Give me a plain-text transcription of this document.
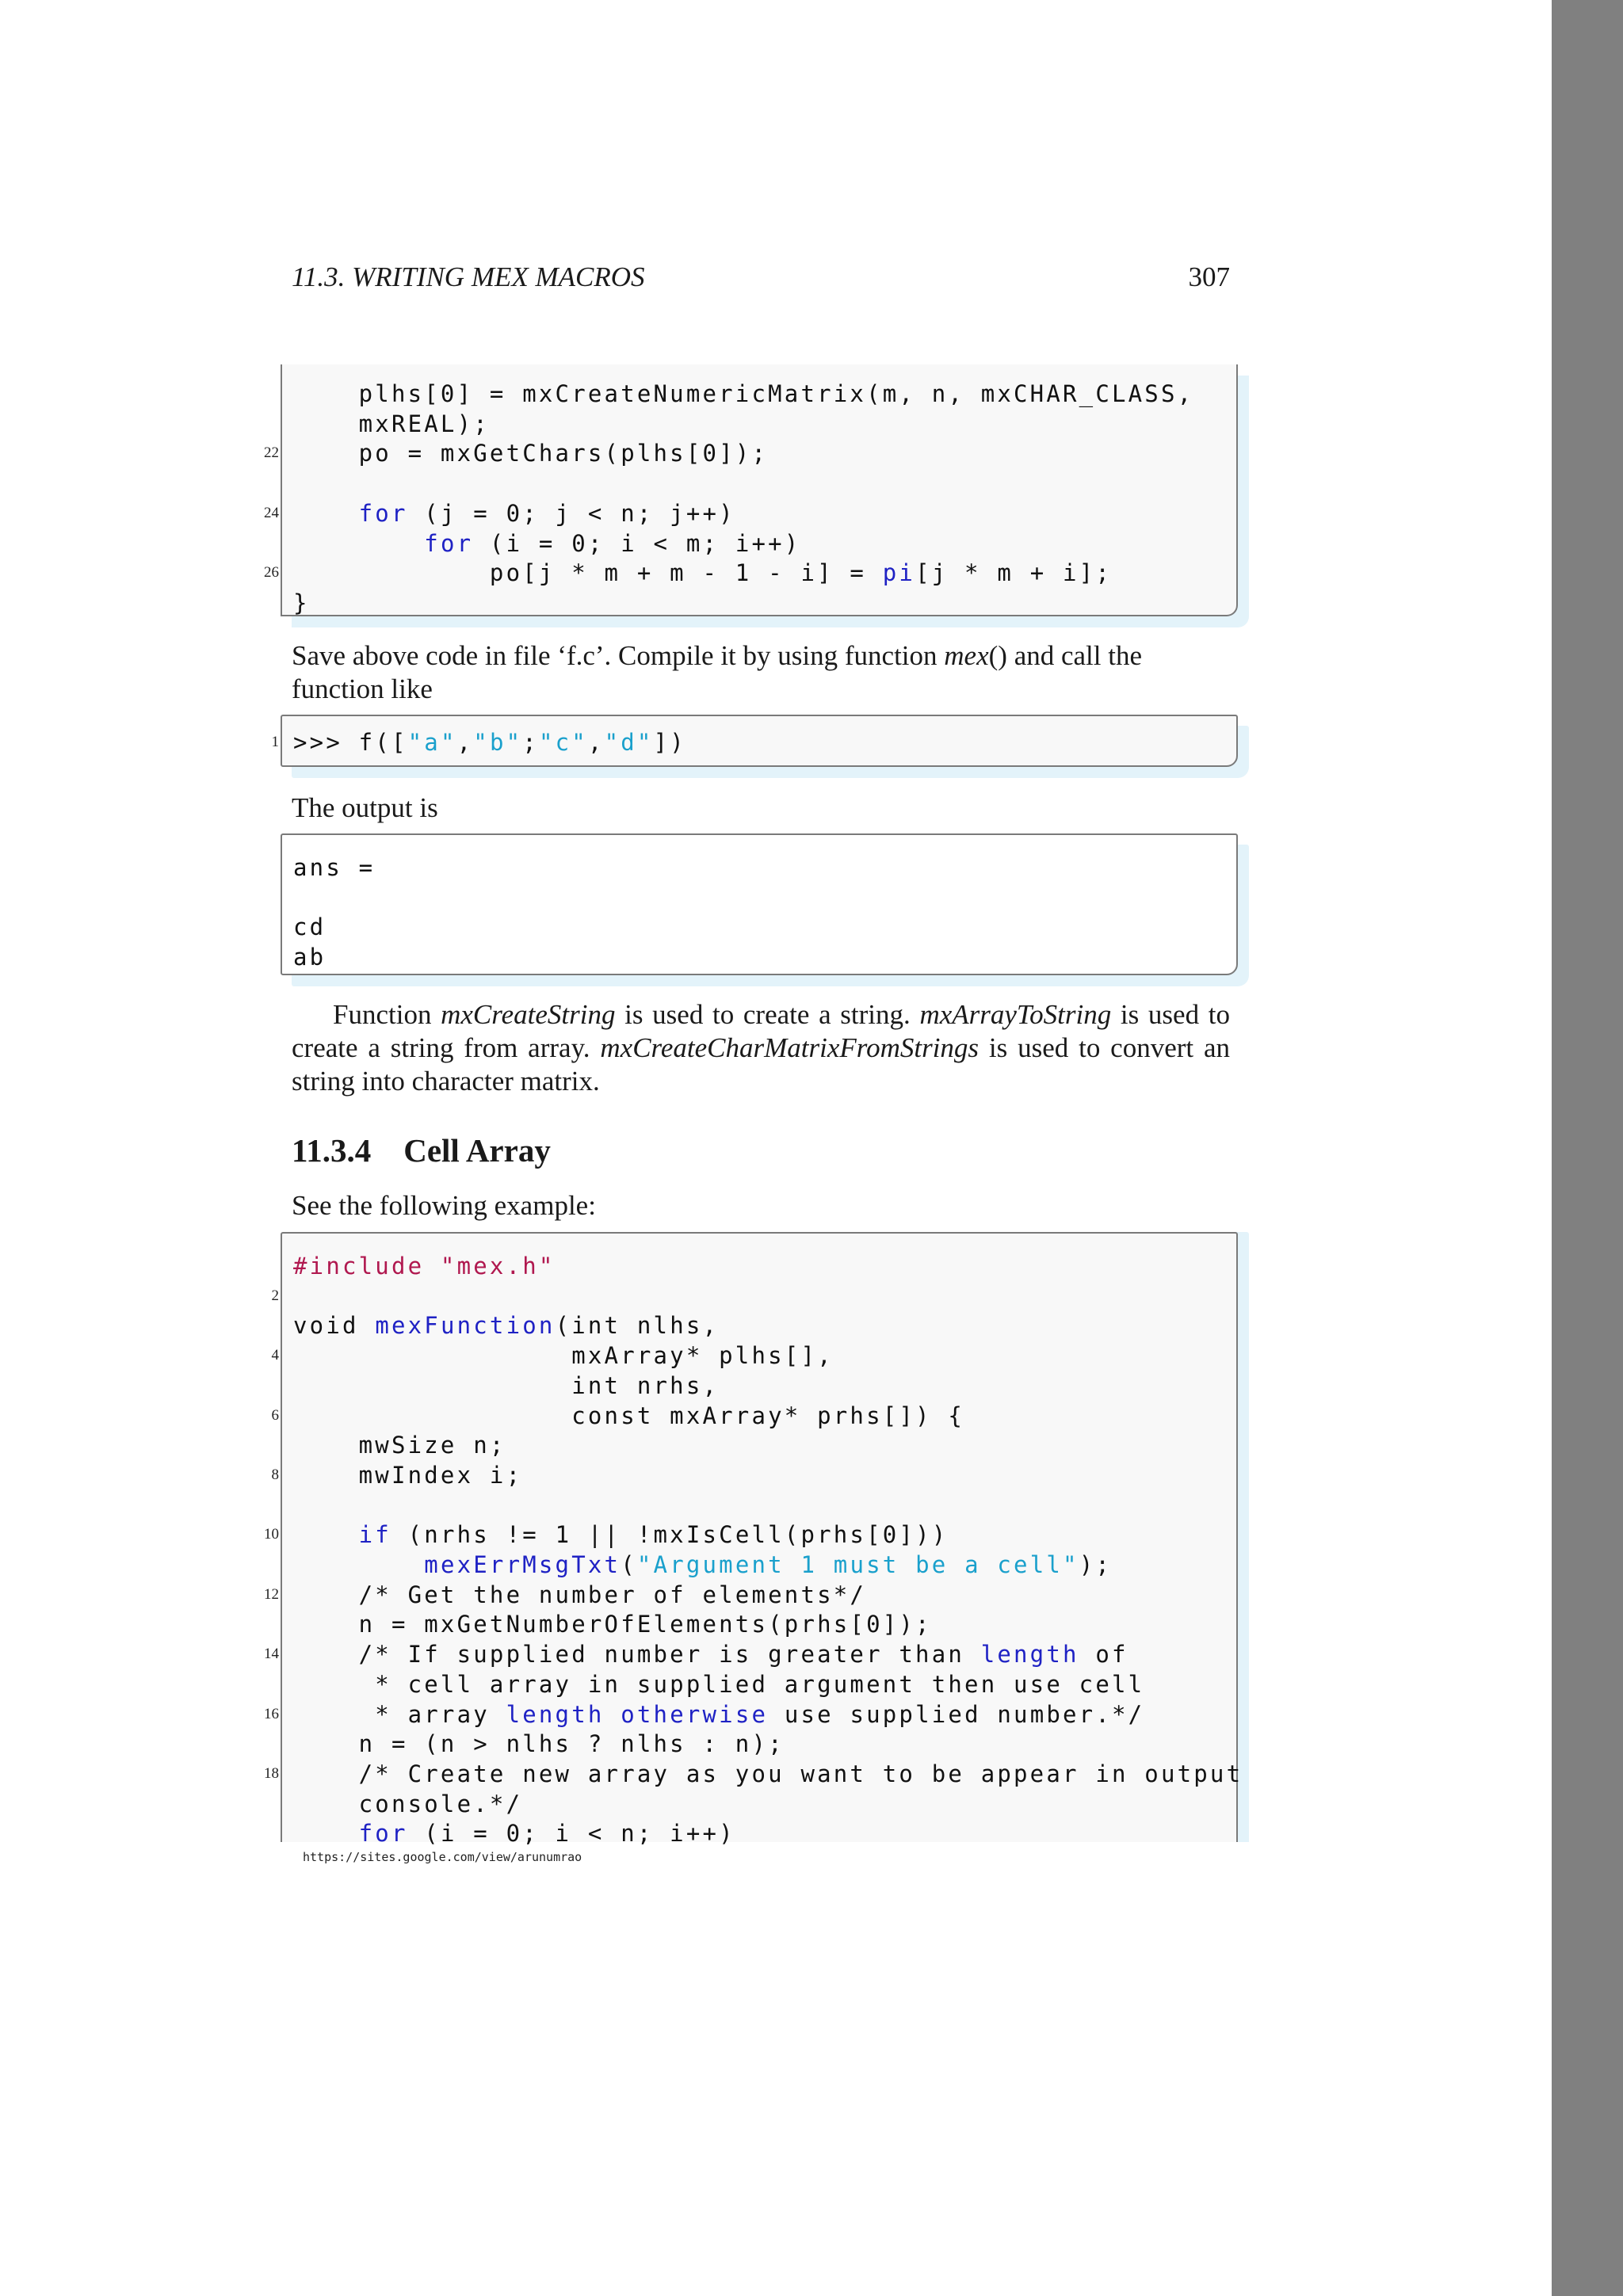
11.3. WRITING MEX MACROS	307
plhs[0] = mxCreateNumericMatrix(m, n, mxCHAR_CLASS,
mxREAL);
22 po = mxGetChars(plhs[0]);
24	for (j = 0; j < n; j++)
for (i = 0; i < m; i++)
26 po[j * m + m - 1 - i] = pi[j * m + i];
}
Save above code in file ‘f.c’. Compile it by using function mex() and call the function like
1 >>> f(["a","b";"c","d"])
The output is
ans =
cd
ab
Function mxCreateString is used to create a string. mxArrayToString is used to create a string from array. mxCreateCharMatrixFromStrings is used to convert an string into character matrix.
11.3.4    Cell Array
See the following example:
#include "mex.h"
2
void mexFunction(int nlhs,
4 mxArray* plhs[],
int nrhs,
6 const mxArray* prhs[]) {
mwSize n;
8 mwIndex i;
10	if (nrhs != 1 || !mxIsCell(prhs[0]))
mexErrMsgTxt("Argument 1 must be a cell");
12 /* Get the number of elements*/
n = mxGetNumberOfElements(prhs[0]);
14 /* If supplied number is greater than length of
* cell array in supplied argument then use cell
16 * array length otherwise use supplied number.*/
n = (n > nlhs ? nlhs : n);
18 /* Create new array as you want to be appear in output
console.*/
for (i = 0; i < n; i++)
https://sites.google.com/view/arunumrao
